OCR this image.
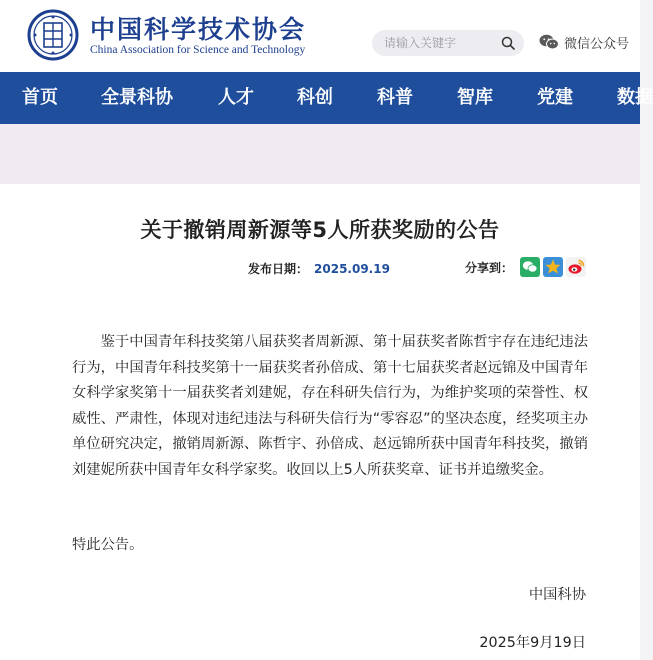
中国科学技术协会
China Association for Science and Technology
请输入关键字	微信公众号
首页 全景科协	人才 科创 科普 智库 党建 数据
关于撤销周新源等5人所获奖励的公告
发布日期： 2025.09.19	分享到：
鉴于中国青年科技奖第八届获奖者周新源、第十届获奖者陈哲宇存在违纪违法行为，中国青年科技奖第十一届获奖者孙倍成、第十七届获奖者赵远锦及中国青年女科学家奖第十一届获奖者刘建妮，存在科研失信行为，为维护奖项的荣誉性、权威性、严肃性，体现对违纪违法与科研失信行为“零容忍”的坚决态度，经奖项主办单位研究决定，撤销周新源、陈哲宇、孙倍成、赵远锦所获中国青年科技奖，撤销刘建妮所获中国青年女科学家奖。收回以上5人所获奖章、证书并追缴奖金。
特此公告。
中国科协
2025年9月19日
